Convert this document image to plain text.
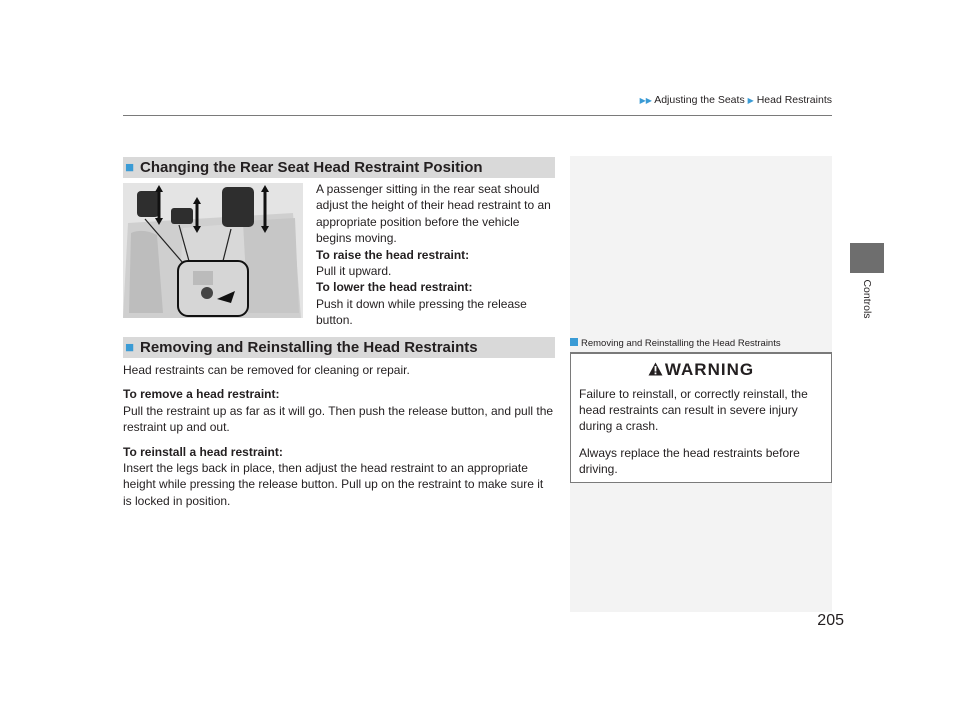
▶▶ Adjusting the Seats ▶ Head Restraints
Controls
■ Changing the Rear Seat Head Restraint Position

A passenger sitting in the rear seat should adjust the height of their head restraint to an appropriate position before the vehicle begins moving.

To raise the head restraint:

Pull it upward.

To lower the head restraint:

Push it down while pressing the release button.

■ Removing and Reinstalling the Head Restraints

Head restraints can be removed for cleaning or repair.

To remove a head restraint:

Pull the restraint up as far as it will go. Then push the release button, and pull the restraint up and out.

To reinstall a head restraint:

Insert the legs back in place, then adjust the head restraint to an appropriate height while pressing the release button. Pull up on the restraint to make sure it is locked in position.

Removing and Reinstalling the Head Restraints
WARNING
Failure to reinstall, or correctly reinstall, the head restraints can result in severe injury during a crash.
Always replace the head restraints before driving.
205
